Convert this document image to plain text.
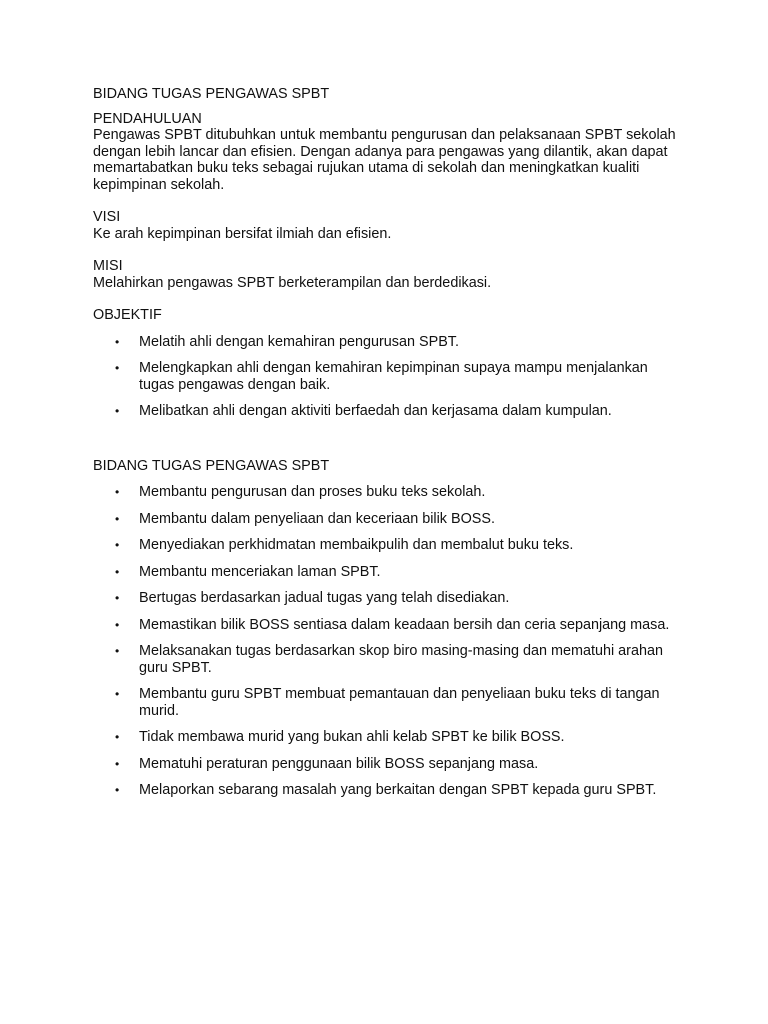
BIDANG TUGAS PENGAWAS SPBT

PENDAHULUAN

Pengawas SPBT ditubuhkan untuk membantu pengurusan dan pelaksanaan SPBT sekolah

dengan lebih lancar dan efisien. Dengan adanya para pengawas yang dilantik, akan dapat

memartabatkan buku teks sebagai rujukan utama di sekolah dan meningkatkan kualiti

kepimpinan sekolah.

VISI

Ke arah kepimpinan bersifat ilmiah dan efisien.

MISI

Melahirkan pengawas SPBT berketerampilan dan berdedikasi.

OBJEKTIF

• Melatih ahli dengan kemahiran pengurusan SPBT.

• Melengkapkan ahli dengan kemahiran kepimpinan supaya mampu menjalankan

tugas pengawas dengan baik.

• Melibatkan ahli dengan aktiviti berfaedah dan kerjasama dalam kumpulan.

BIDANG TUGAS PENGAWAS SPBT

• Membantu pengurusan dan proses buku teks sekolah.

• Membantu dalam penyeliaan dan keceriaan bilik BOSS.

• Menyediakan perkhidmatan membaikpulih dan membalut buku teks.

• Membantu menceriakan laman SPBT.

• Bertugas berdasarkan jadual tugas yang telah disediakan.

• Memastikan bilik BOSS sentiasa dalam keadaan bersih dan ceria sepanjang masa.

• Melaksanakan tugas berdasarkan skop biro masing-masing dan mematuhi arahan

guru SPBT.

• Membantu guru SPBT membuat pemantauan dan penyeliaan buku teks di tangan

murid.

• Tidak membawa murid yang bukan ahli kelab SPBT ke bilik BOSS.

• Mematuhi peraturan penggunaan bilik BOSS sepanjang masa.

• Melaporkan sebarang masalah yang berkaitan dengan SPBT kepada guru SPBT.
